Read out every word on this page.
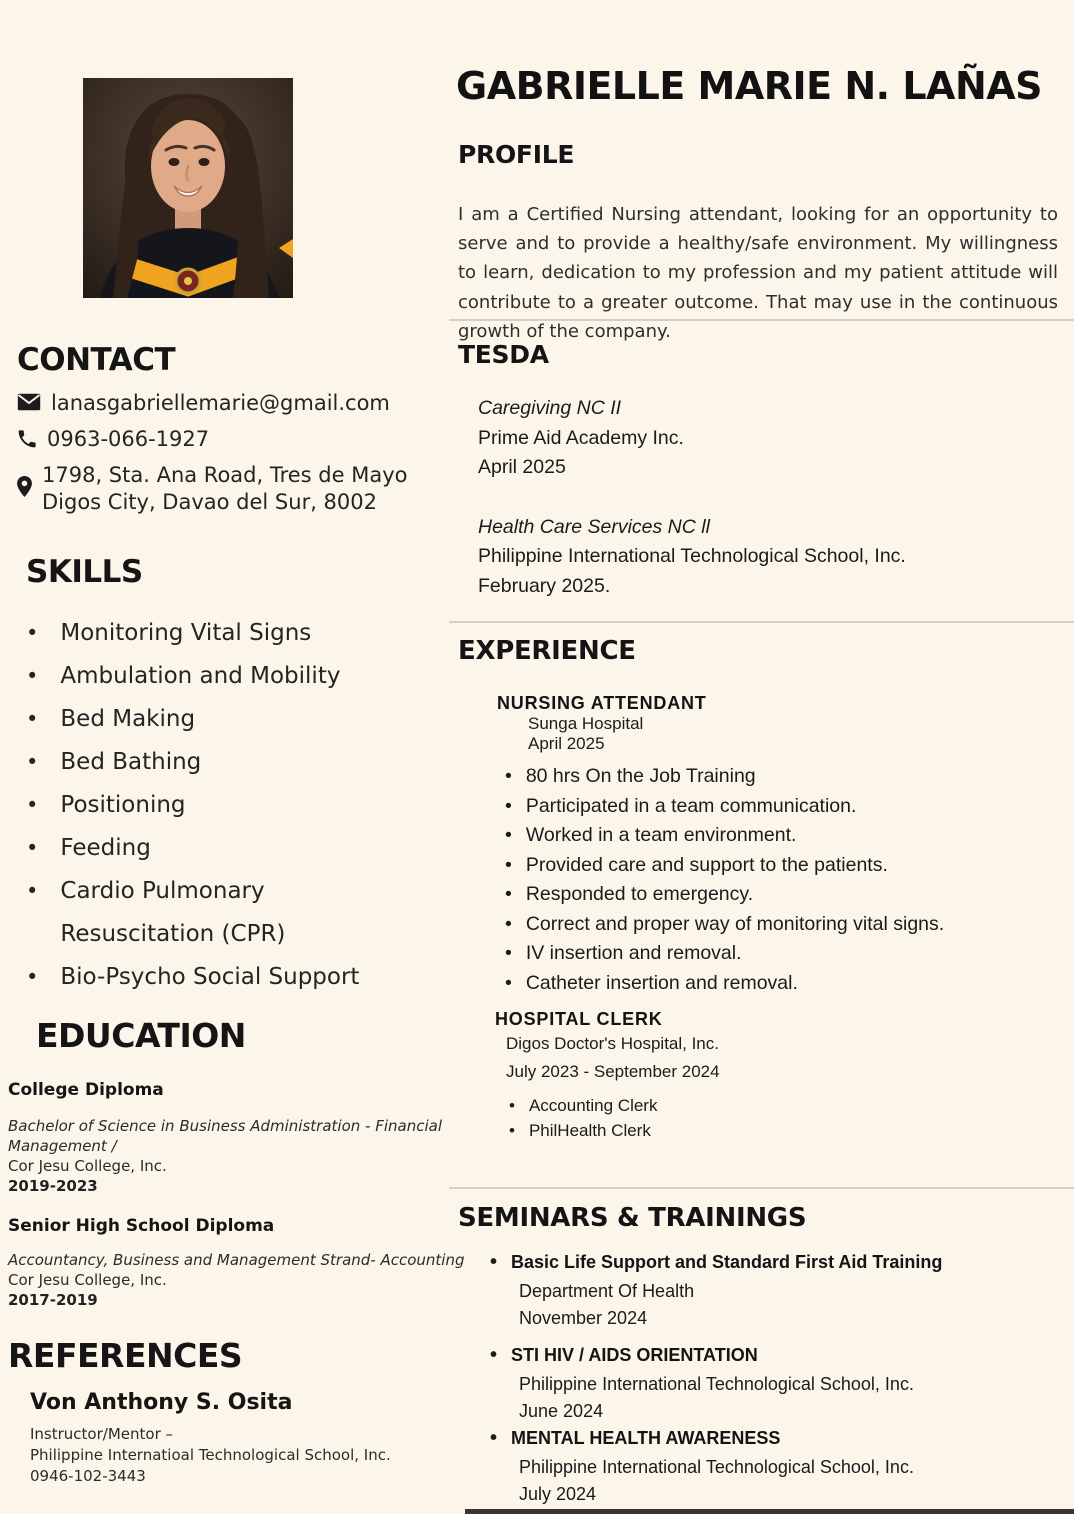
CONTACT
lanasgabriellemarie@gmail.com
0963-066-1927
1798, Sta. Ana Road, Tres de Mayo
Digos City, Davao del Sur, 8002
SKILLS
• Monitoring Vital Signs
• Ambulation and Mobility
• Bed Making
• Bed Bathing
• Positioning
• Feeding
• Cardio Pulmonary Resuscitation (CPR)
• Bio-Psycho Social Support
EDUCATION
College Diploma
Bachelor of Science in Business Administration - Financial Management /
Cor Jesu College, Inc.
2019-2023
Senior High School Diploma
Accountancy, Business and Management Strand- Accounting
Cor Jesu College, Inc.
2017-2019
REFERENCES
Von Anthony S. Osita
Instructor/Mentor –
Philippine Internatioal Technological School, Inc.
0946-102-3443
GABRIELLE MARIE N. LAÑAS
PROFILE

I am a Certified Nursing attendant, looking for an opportunity to serve and to provide a healthy/safe environment. My willingness to learn, dedication to my profession and my patient attitude will contribute to a greater outcome. That may use in the continuous growth of the company.

TESDA
Caregiving NC II
Prime Aid Academy Inc.
April 2025
Health Care Services NC ll
Philippine International Technological School, Inc.
February 2025.
EXPERIENCE
NURSING ATTENDANT
Sunga Hospital
April 2025
• 80 hrs On the Job Training
• Participated in a team communication.
• Worked in a team environment.
• Provided care and support to the patients.
• Responded to emergency.
• Correct and proper way of monitoring vital signs.
• IV insertion and removal.
• Catheter insertion and removal.
HOSPITAL CLERK
Digos Doctor's Hospital, Inc.
July 2023 - September 2024
• Accounting Clerk
• PhilHealth Clerk
SEMINARS & TRAININGS
• Basic Life Support and Standard First Aid Training
Department Of Health
November 2024
• STI HIV / AIDS ORIENTATION
Philippine International Technological School, Inc.
June 2024
• MENTAL HEALTH AWARENESS
Philippine International Technological School, Inc.
July 2024
